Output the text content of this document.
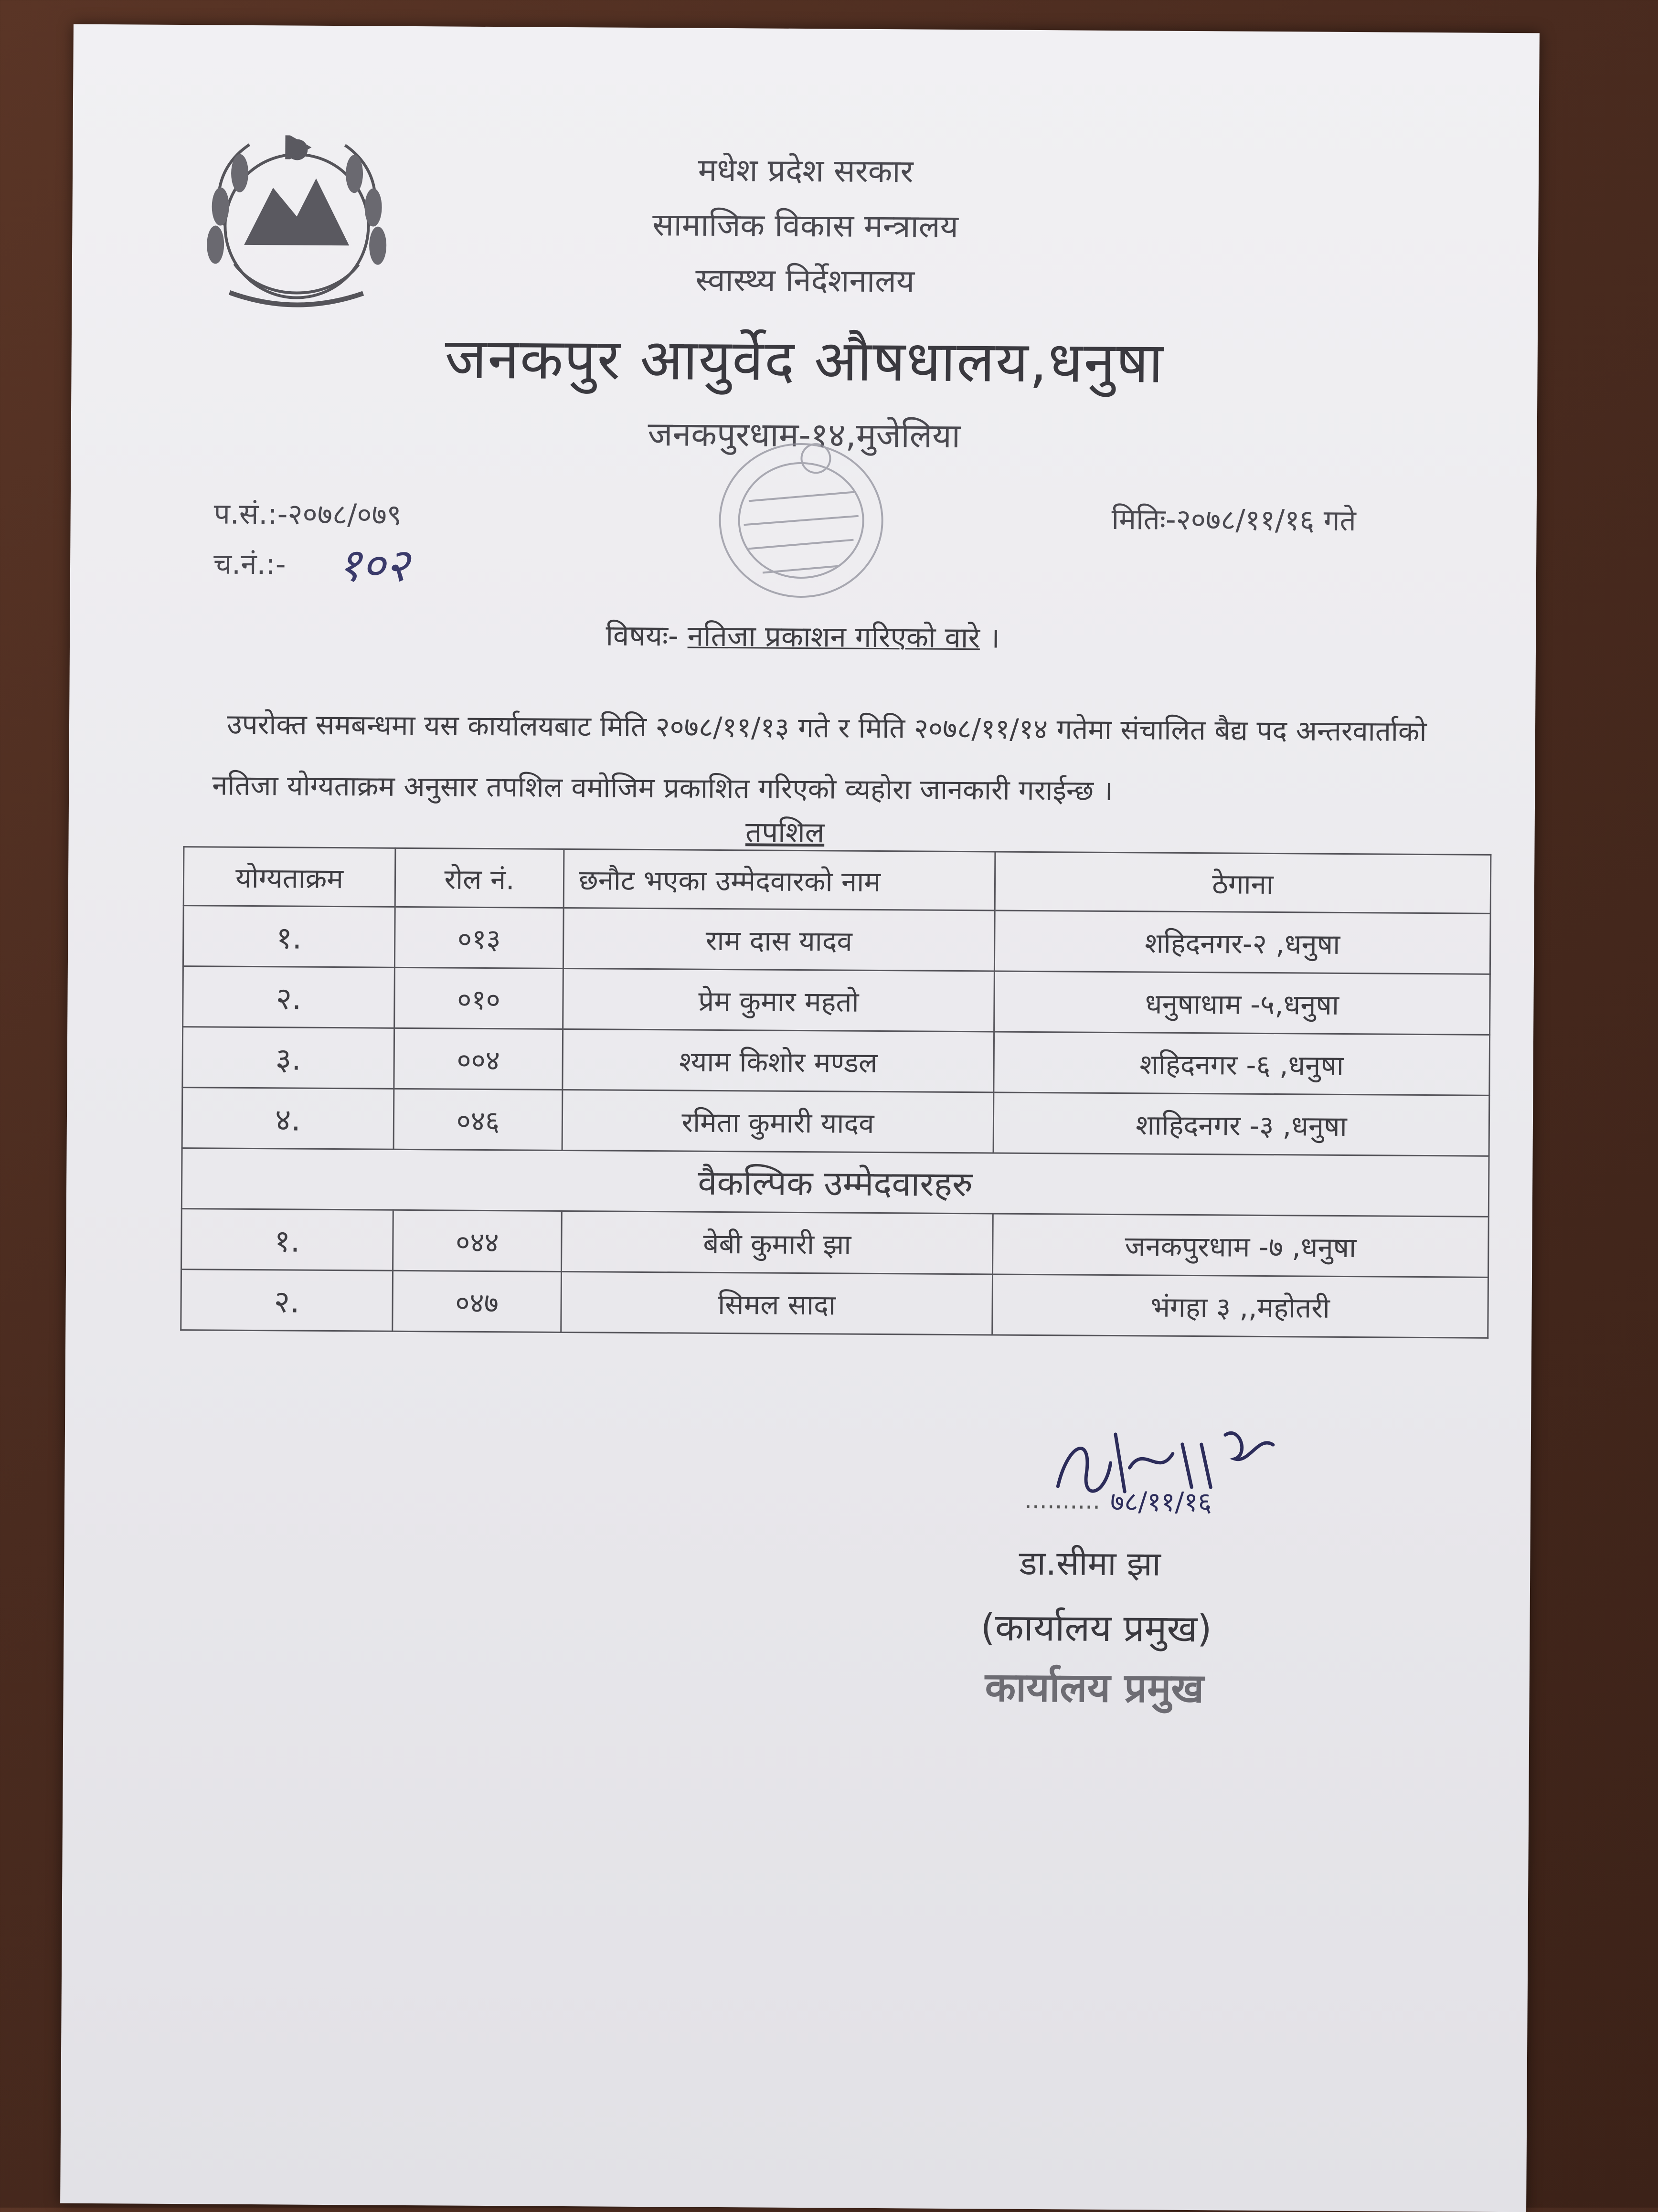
मधेश प्रदेश सरकार
सामाजिक विकास मन्त्रालय
स्वास्थ्य निर्देशनालय
जनकपुर आयुर्वेद औषधालय,धनुषा
जनकपुरधाम-१४,मुजेलिया
प.सं.:-२०७८/०७९
च.नं.:- १०२
मितिः-२०७८/११/१६ गते
विषयः- नतिजा प्रकाशन गरिएको वारे ।
उपरोक्त समबन्धमा यस कार्यालयबाट मिति २०७८/११/१३ गते र मिति २०७८/११/१४ गतेमा संचालित बैद्य पद अन्तरवार्ताको नतिजा योग्यताक्रम अनुसार तपशिल वमोजिम प्रकाशित गरिएको व्यहोरा जानकारी गराईन्छ ।
तपशिल
योग्यताक्रम	रोल नं.	छनौट भएका उम्मेदवारको नाम	ठेगाना
१.	०१३	राम दास यादव	शहिदनगर-२ ,धनुषा
२.	०१०	प्रेम कुमार महतो	धनुषाधाम -५,धनुषा
३.	००४	श्याम किशोर मण्डल	शहिदनगर -६ ,धनुषा
४.	०४६	रमिता कुमारी यादव	शाहिदनगर -३ ,धनुषा
वैकल्पिक उम्मेदवारहरु			
१.	०४४	बेबी कुमारी झा	जनकपुरधाम -७ ,धनुषा
२.	०४७	सिमल सादा	भंगहा ३ ,,महोतरी
७८/११/१६
..........
डा.सीमा झा
(कार्यालय प्रमुख)
कार्यालय प्रमुख
